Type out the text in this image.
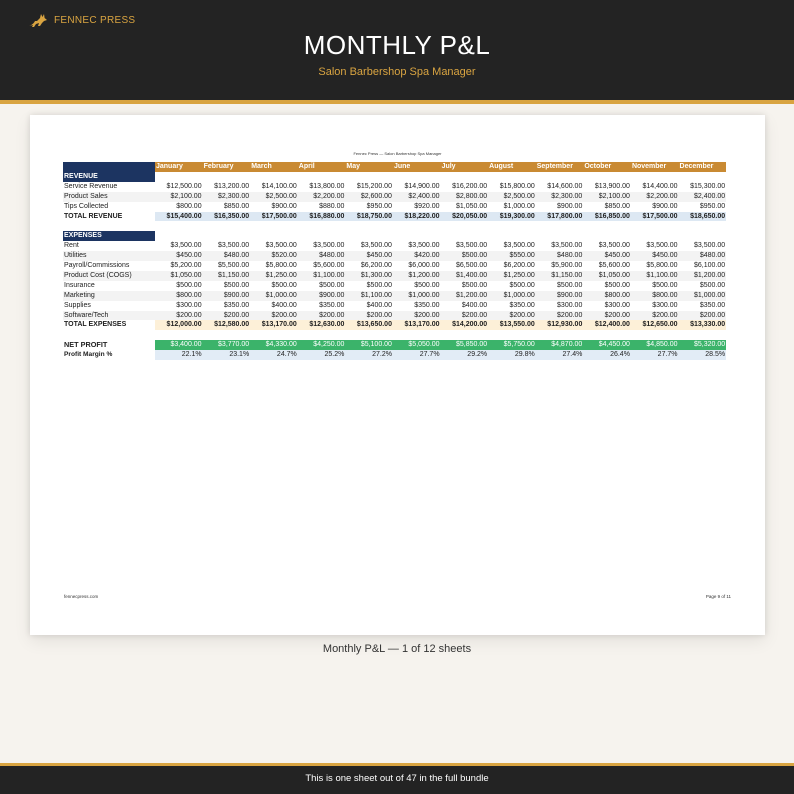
FENNEC PRESS
MONTHLY P&L
Salon Barbershop Spa Manager
Fennec Press — Salon Barbershop Spa Manager
	January	February	March	April	May	June	July	August	September	October	November	December
REVENUE												
Service Revenue	$12,500.00	$13,200.00	$14,100.00	$13,800.00	$15,200.00	$14,900.00	$16,200.00	$15,800.00	$14,600.00	$13,900.00	$14,400.00	$15,300.00
Product Sales	$2,100.00	$2,300.00	$2,500.00	$2,200.00	$2,600.00	$2,400.00	$2,800.00	$2,500.00	$2,300.00	$2,100.00	$2,200.00	$2,400.00
Tips Collected	$800.00	$850.00	$900.00	$880.00	$950.00	$920.00	$1,050.00	$1,000.00	$900.00	$850.00	$900.00	$950.00
TOTAL REVENUE	$15,400.00	$16,350.00	$17,500.00	$16,880.00	$18,750.00	$18,220.00	$20,050.00	$19,300.00	$17,800.00	$16,850.00	$17,500.00	$18,650.00

EXPENSES												
Rent	$3,500.00	$3,500.00	$3,500.00	$3,500.00	$3,500.00	$3,500.00	$3,500.00	$3,500.00	$3,500.00	$3,500.00	$3,500.00	$3,500.00
Utilities	$450.00	$480.00	$520.00	$480.00	$450.00	$420.00	$500.00	$550.00	$480.00	$450.00	$450.00	$480.00
Payroll/Commissions	$5,200.00	$5,500.00	$5,800.00	$5,600.00	$6,200.00	$6,000.00	$6,500.00	$6,200.00	$5,900.00	$5,600.00	$5,800.00	$6,100.00
Product Cost (COGS)	$1,050.00	$1,150.00	$1,250.00	$1,100.00	$1,300.00	$1,200.00	$1,400.00	$1,250.00	$1,150.00	$1,050.00	$1,100.00	$1,200.00
Insurance	$500.00	$500.00	$500.00	$500.00	$500.00	$500.00	$500.00	$500.00	$500.00	$500.00	$500.00	$500.00
Marketing	$800.00	$900.00	$1,000.00	$900.00	$1,100.00	$1,000.00	$1,200.00	$1,000.00	$900.00	$800.00	$800.00	$1,000.00
Supplies	$300.00	$350.00	$400.00	$350.00	$400.00	$350.00	$400.00	$350.00	$300.00	$300.00	$300.00	$350.00
Software/Tech	$200.00	$200.00	$200.00	$200.00	$200.00	$200.00	$200.00	$200.00	$200.00	$200.00	$200.00	$200.00
TOTAL EXPENSES	$12,000.00	$12,580.00	$13,170.00	$12,630.00	$13,650.00	$13,170.00	$14,200.00	$13,550.00	$12,930.00	$12,400.00	$12,650.00	$13,330.00

NET PROFIT	$3,400.00	$3,770.00	$4,330.00	$4,250.00	$5,100.00	$5,050.00	$5,850.00	$5,750.00	$4,870.00	$4,450.00	$4,850.00	$5,320.00
Profit Margin %	22.1%	23.1%	24.7%	25.2%	27.2%	27.7%	29.2%	29.8%	27.4%	26.4%	27.7%	28.5%
fennecpress.com	Page 9 of 11
Monthly P&L — 1 of 12 sheets
This is one sheet out of 47 in the full bundle
